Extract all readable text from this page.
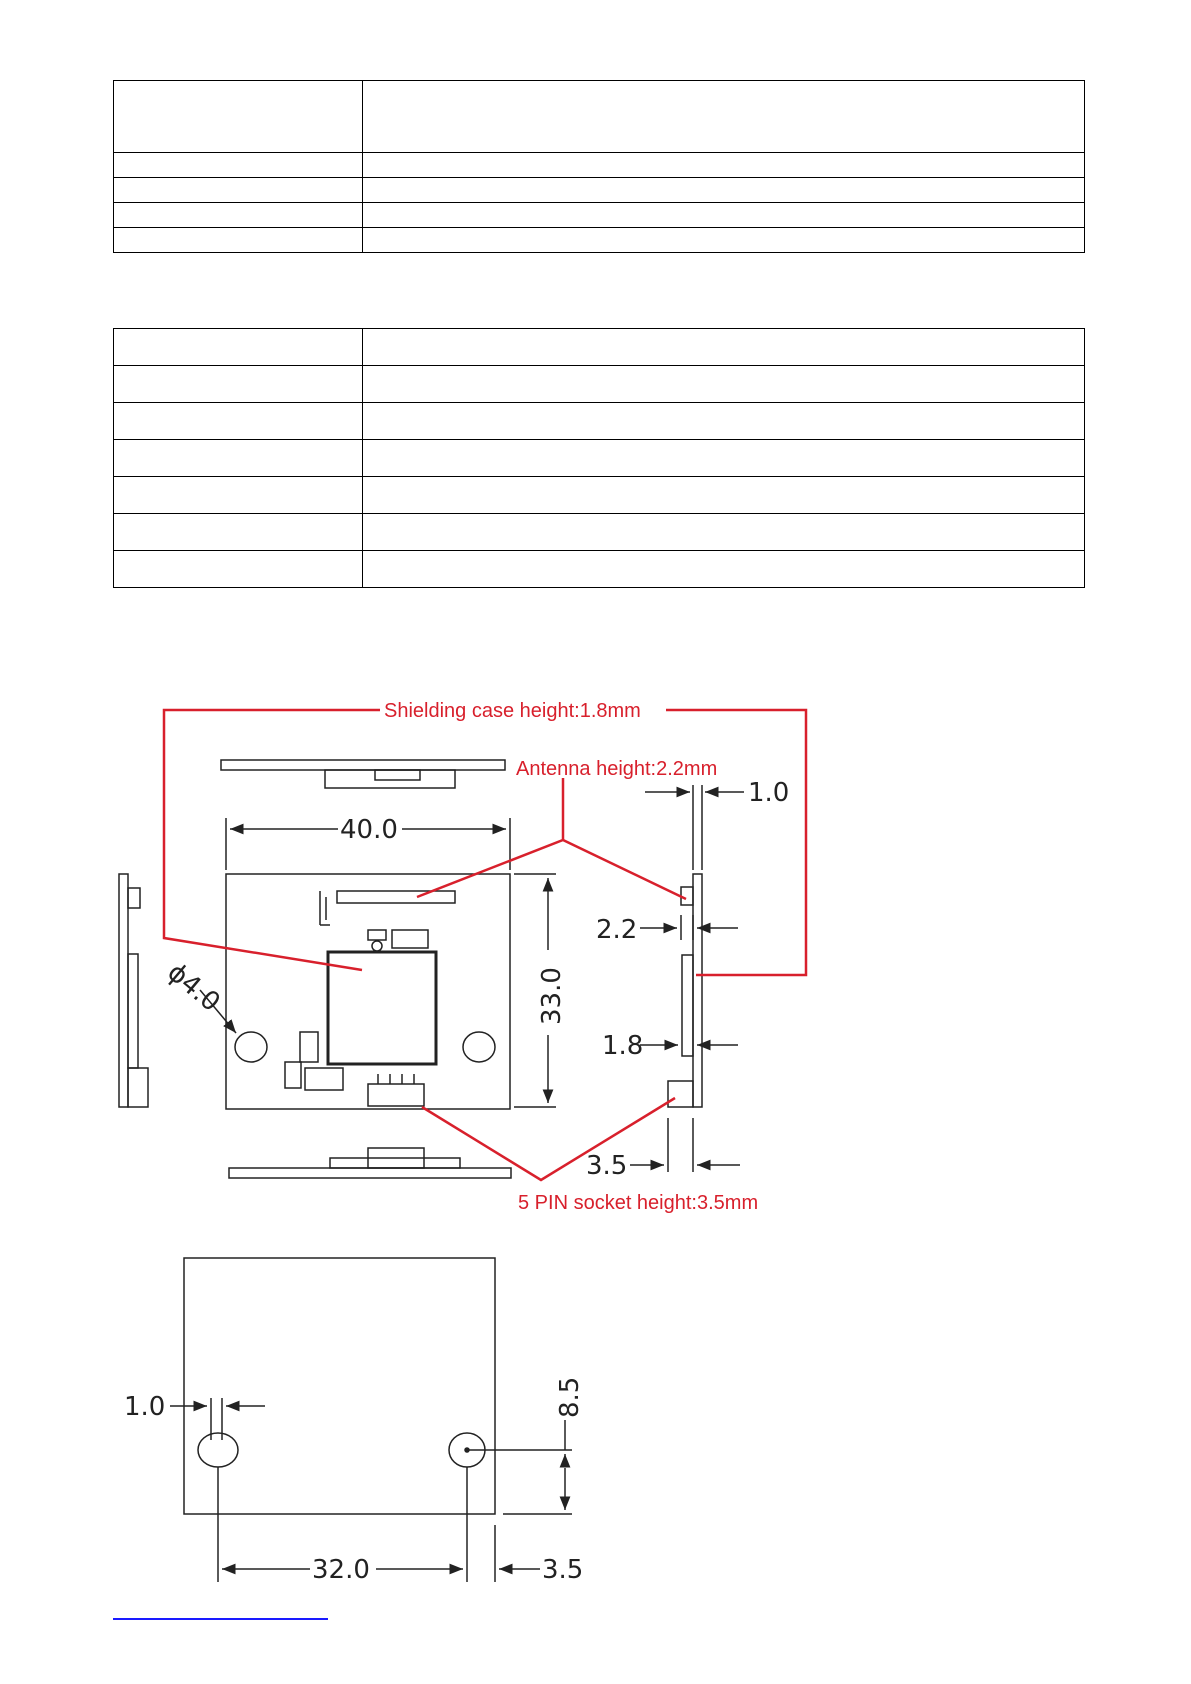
Shielding case height:1.8mm
Antenna height:2.2mm
5 PIN socket height:3.5mm
40.0
33.0
ϕ4.0
1.0
2.2
1.8
3.5
1.0
32.0	3.5
8.5
